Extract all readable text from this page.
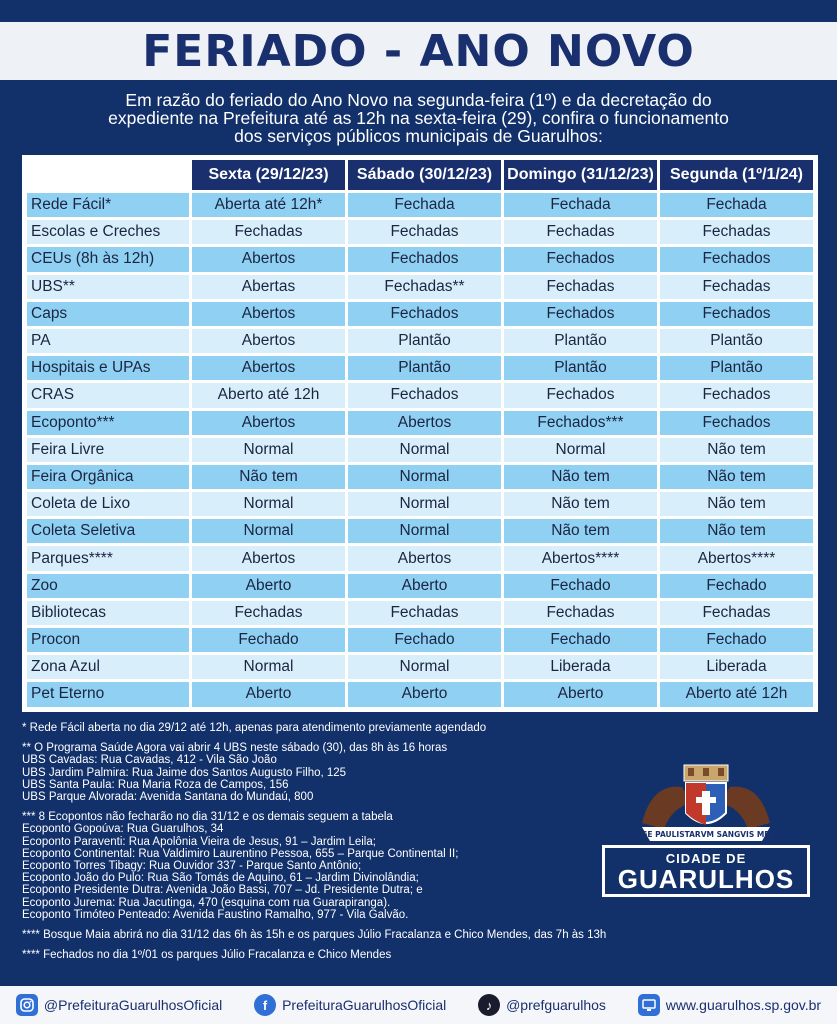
FERIADO - ANO NOVO
Em razão do feriado do Ano Novo na segunda-feira (1º) e da decretação do
expediente na Prefeitura até as 12h na sexta-feira (29), confira o funcionamento
dos serviços públicos municipais de Guarulhos:
	Sexta (29/12/23)	Sábado (30/12/23)	Domingo (31/12/23)	Segunda (1º/1/24)
Rede Fácil*	Aberta até 12h*	Fechada	Fechada	Fechada
Escolas e Creches	Fechadas	Fechadas	Fechadas	Fechadas
CEUs (8h às 12h)	Abertos	Fechados	Fechados	Fechados
UBS**	Abertas	Fechadas**	Fechadas	Fechadas
Caps	Abertos	Fechados	Fechados	Fechados
PA	Abertos	Plantão	Plantão	Plantão
Hospitais e UPAs	Abertos	Plantão	Plantão	Plantão
CRAS	Aberto até 12h	Fechados	Fechados	Fechados
Ecoponto***	Abertos	Abertos	Fechados***	Fechados
Feira Livre	Normal	Normal	Normal	Não tem
Feira Orgânica	Não tem	Normal	Não tem	Não tem
Coleta de Lixo	Normal	Normal	Não tem	Não tem
Coleta Seletiva	Normal	Normal	Não tem	Não tem
Parques****	Abertos	Abertos	Abertos****	Abertos****
Zoo	Aberto	Aberto	Fechado	Fechado
Bibliotecas	Fechadas	Fechadas	Fechadas	Fechadas
Procon	Fechado	Fechado	Fechado	Fechado
Zona Azul	Normal	Normal	Liberada	Liberada
Pet Eterno	Aberto	Aberto	Aberto	Aberto até 12h

* Rede Fácil aberta no dia 29/12 até 12h, apenas para atendimento previamente agendado

** O Programa Saúde Agora vai abrir 4 UBS neste sábado (30), das 8h às 16 horas
UBS Cavadas: Rua Cavadas, 412 - Vila São João
UBS Jardim Palmira: Rua Jaime dos Santos Augusto Filho, 125
UBS Santa Paula: Rua Maria Roza de Campos, 156
UBS Parque Alvorada: Avenida Santana do Mundaú, 800

*** 8 Ecopontos não fecharão no dia 31/12 e os demais seguem a tabela
Ecoponto Gopoúva: Rua Guarulhos, 34
Ecoponto Paraventi: Rua Apolônia Vieira de Jesus, 91 – Jardim Leila;
Ecoponto Continental: Rua Valdimiro Laurentino Pessoa, 655 – Parque Continental II;
Ecoponto Torres Tibagy: Rua Ouvidor 337 - Parque Santo Antônio;
Ecoponto João do Pulo: Rua São Tomás de Aquino, 61 – Jardim Divinolândia;
Ecoponto Presidente Dutra: Avenida João Bassi, 707 – Jd. Presidente Dutra; e
Ecoponto Jurema: Rua Jacutinga, 470 (esquina com rua Guarapiranga).
Ecoponto Timóteo Penteado: Avenida Faustino Ramalho, 977 - Vila Galvão.

**** Bosque Maia abrirá no dia 31/12 das 6h às 15h e os parques Júlio Fracalanza e Chico Mendes, das 7h às 13h

**** Fechados no dia 1º/01 os parques Júlio Fracalanza e Chico Mendes

LEGE PAULISTARVM SANGVIS MEVS
CIDADE DE
GUARULHOS
@PrefeituraGuarulhosOficial	f	PrefeituraGuarulhosOficial	♪ @prefguarulhos	www.guarulhos.sp.gov.br
